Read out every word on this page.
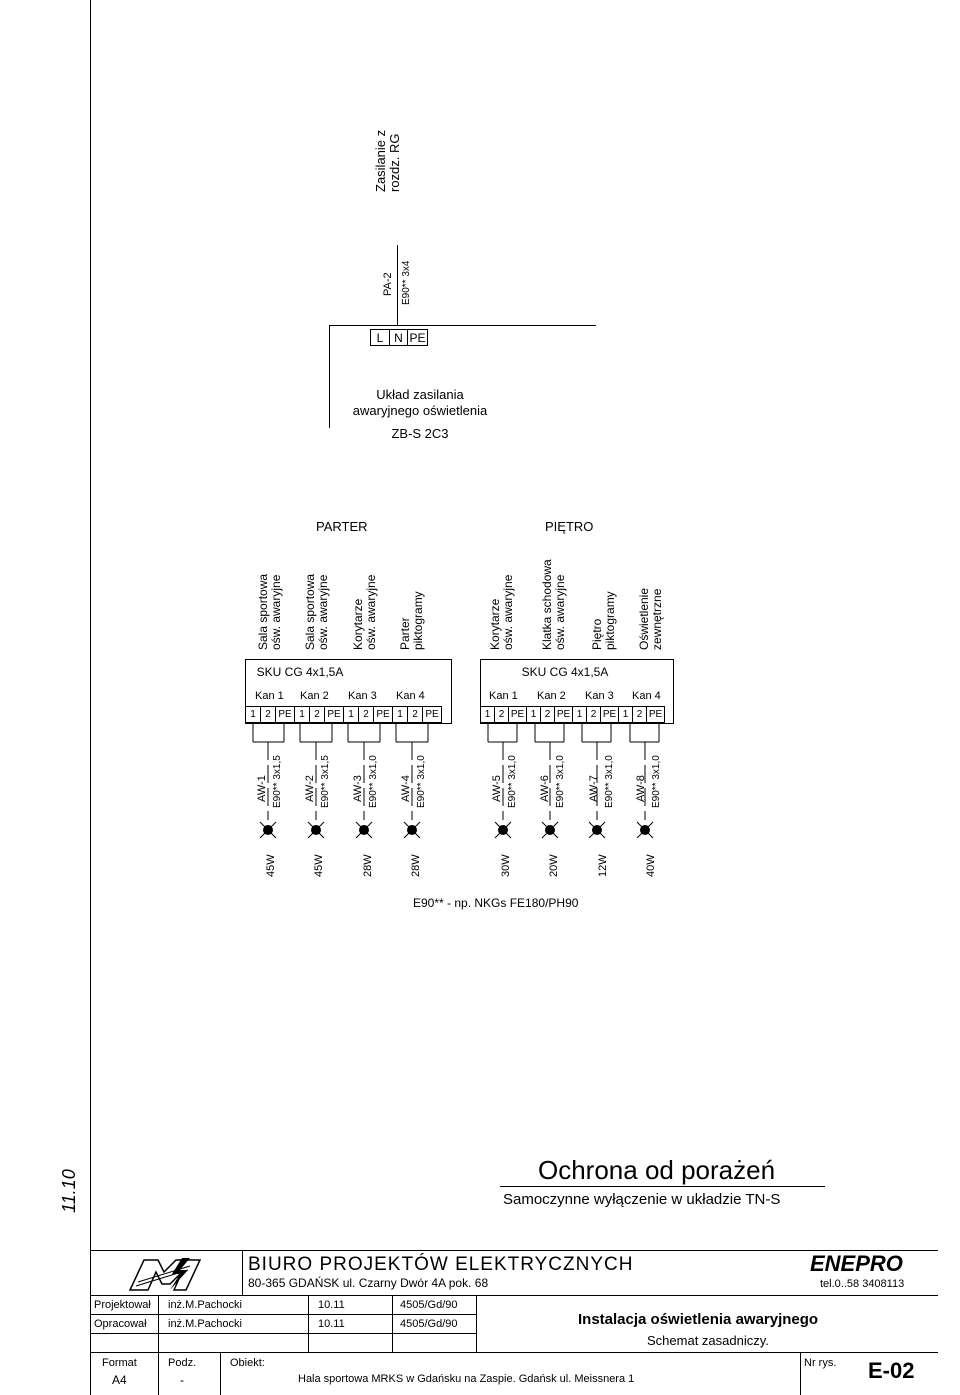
Zasilanie z rozdz. RG
PA-2 E90** 3x4
L N PE
Układ zasilania
awaryjnego oświetlenia
ZB-S 2C3
PARTER	PIĘTRO
Sala sportowa ośw. awaryjne Sala sportowa ośw. awaryjne Korytarze ośw. awaryjne Parter piktogramy	Korytarze ośw. awaryjne Klatka schodowa ośw. awaryjne Piętro piktogramy Oświetlenie zewnętrzne
SKU CG 4x1,5A
Kan 1 Kan 2 Kan 3 Kan 4
1 2 PE 1 2 PE 1 2 PE 1 2 PE
SKU CG 4x1,5A
Kan 1 Kan 2 Kan 3 Kan 4
1 2 PE 1 2 PE 1 2 PE 1 2 PE
AW-1 E90** 3x1,5 AW-2 E90** 3x1,5 AW-3 E90** 3x1,0 AW-4 E90** 3x1,0	AW-5 E90** 3x1,0 AW-6 E90** 3x1,0 AW-7 E90** 3x1,0 AW-8 E90** 3x1,0
45W	45W	28W	28W	30W	20W	12W	40W
E90** - np. NKGs FE180/PH90
11.10	Ochrona od porażeń
Samoczynne wyłączenie w układzie TN-S
BIURO PROJEKTÓW ELEKTRYCZNYCH	ENEPRO
80-365 GDAŃSK ul. Czarny Dwór 4A pok. 68	tel.0..58 3408113
Projektował inż.M.Pachocki	10.11	4505/Gd/90
Opracował inż.M.Pachocki	10.11	4505/Gd/90	Instalacja oświetlenia awaryjnego
Schemat zasadniczy.
Format
A4
Podz.
-
Obiekt:
Hala sportowa MRKS w Gdańsku na Zaspie. Gdańsk ul. Meissnera 1
Nr rys. E-02
